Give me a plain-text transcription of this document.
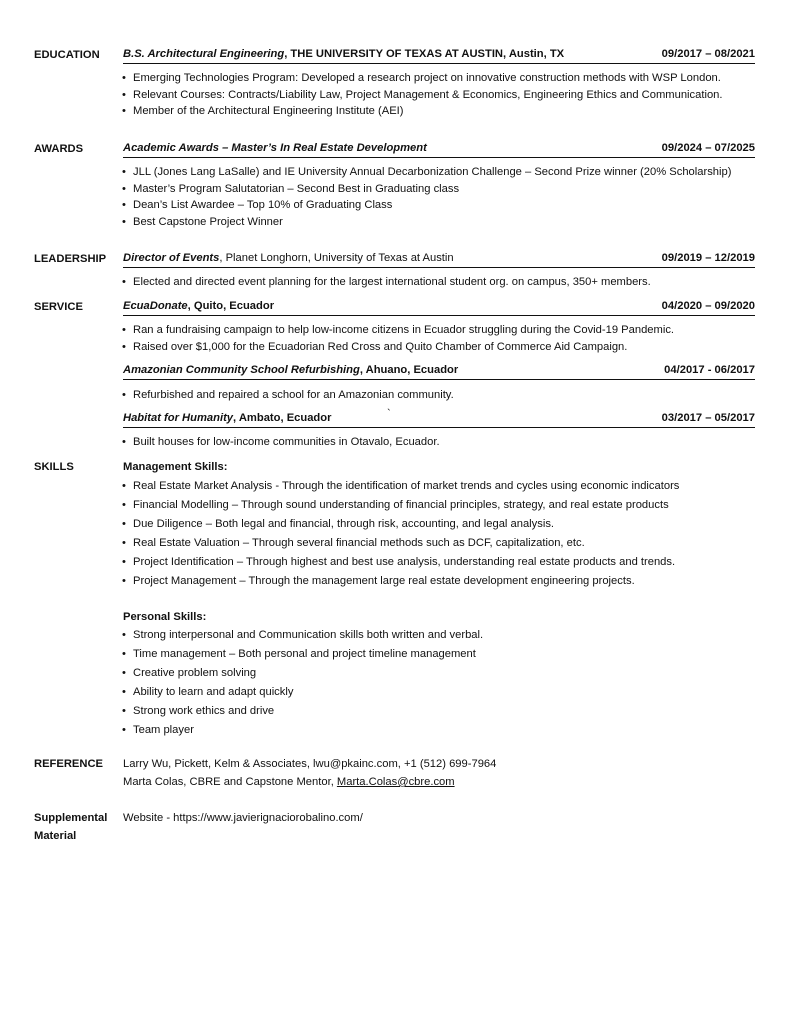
EDUCATION B.S. Architectural Engineering, THE UNIVERSITY OF TEXAS AT AUSTIN, Austin, TX	09/2017 – 08/2021
• Emerging Technologies Program: Developed a research project on innovative construction methods with WSP London.
• Relevant Courses: Contracts/Liability Law, Project Management & Economics, Engineering Ethics and Communication.
• Member of the Architectural Engineering Institute (AEI)
AWARDS	Academic Awards – Master’s In Real Estate Development	09/2024 – 07/2025
• JLL (Jones Lang LaSalle) and IE University Annual Decarbonization Challenge – Second Prize winner (20% Scholarship)
• Master’s Program Salutatorian – Second Best in Graduating class
• Dean’s List Awardee – Top 10% of Graduating Class
• Best Capstone Project Winner
LEADERSHIP Director of Events, Planet Longhorn, University of Texas at Austin	09/2019 – 12/2019
• Elected and directed event planning for the largest international student org. on campus, 350+ members.
SERVICE	EcuaDonate, Quito, Ecuador	04/2020 – 09/2020
• Ran a fundraising campaign to help low-income citizens in Ecuador struggling during the Covid-19 Pandemic.
• Raised over $1,000 for the Ecuadorian Red Cross and Quito Chamber of Commerce Aid Campaign.
Amazonian Community School Refurbishing, Ahuano, Ecuador	04/2017 - 06/2017
• Refurbished and repaired a school for an Amazonian community.
Habitat for Humanity, Ambato, Ecuador	`	03/2017 – 05/2017
• Built houses for low-income communities in Otavalo, Ecuador.
SKILLS	Management Skills:
• Real Estate Market Analysis - Through the identification of market trends and cycles using economic indicators
• Financial Modelling – Through sound understanding of financial principles, strategy, and real estate products
• Due Diligence – Both legal and financial, through risk, accounting, and legal analysis.
• Real Estate Valuation – Through several financial methods such as DCF, capitalization, etc.
• Project Identification – Through highest and best use analysis, understanding real estate products and trends.
• Project Management – Through the management large real estate development engineering projects.
Personal Skills:
• Strong interpersonal and Communication skills both written and verbal.
• Time management – Both personal and project timeline management
• Creative problem solving
• Ability to learn and adapt quickly
• Strong work ethics and drive
• Team player
REFERENCE Larry Wu, Pickett, Kelm & Associates, lwu@pkainc.com, +1 (512) 699-7964
Marta Colas, CBRE and Capstone Mentor, Marta.Colas@cbre.com
Supplemental
Material
Website - https://www.javierignaciorobalino.com/
